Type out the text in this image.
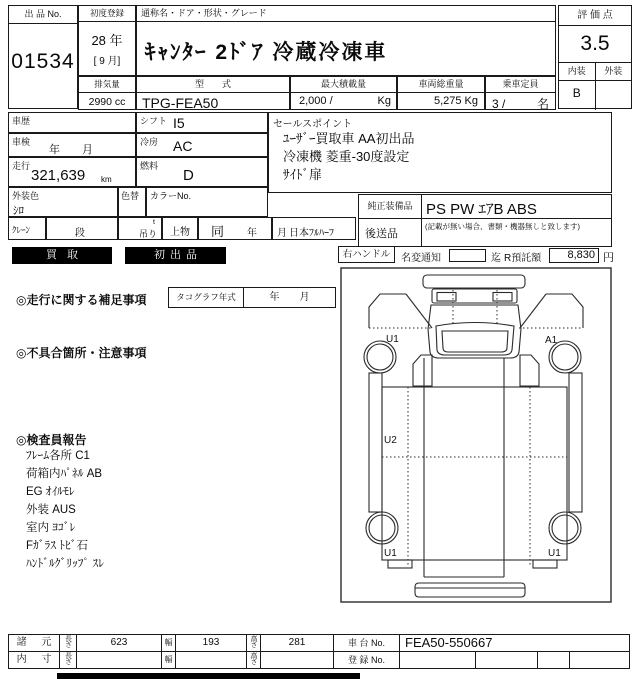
出 品 No.
01534
初度登録
28 年
[ 9 月]
通称名・ドア・形状・グレード
ｷｬﾝﾀｰ 2ﾄﾞｱ 冷蔵冷凍車
排気量
2990 cc
型　　式
TPG-FEA50
最大積載量
2,000 /	Kg
車両総重量
5,275 Kg
乗車定員
3 /	名
評 価 点
3.5
内装	外装
B
車歴	シフト I5
車検
年　　月
冷房 AC
走行
321,639 km
燃料
D
外装色
ｼﾛ
色替 カラーNo.
ｸﾚｰﾝ	段
t
吊り 上物 同 年 月 日本ﾌﾙﾊｰﾌ
セールスポイント
ﾕｰｻﾞｰ買取車 AA初出品
冷凍機 菱重-30度設定
ｻｲﾄﾞ扉
純正装備品 PS PW ｴｱB ABS
後送品
(記載が無い場合、書類・機器無しと致します)
買取	初出品	右ハンドル	名変通知	迄 R預託額	8,830 円
◎走行に関する補足事項	タコグラフ年式	年　　月
◎不具合箇所・注意事項
◎検査員報告
ﾌﾚｰﾑ各所 C1
荷箱内ﾊﾟﾈﾙ AB
EG ｵｲﾙﾓﾚ
外装 AUS
室内 ﾖｺﾞﾚ
Fｶﾞﾗｽ ﾄﾋﾞ石
ﾊﾝﾄﾞﾙｸﾞﾘｯﾌﾟ ｽﾚ
U1	A1
U2
U1	U1
諸 元	長さ	623	幅	193	高さ	281	車 台 No.	FEA50-550667
内 寸	長さ	幅	高さ	登 録 No.
